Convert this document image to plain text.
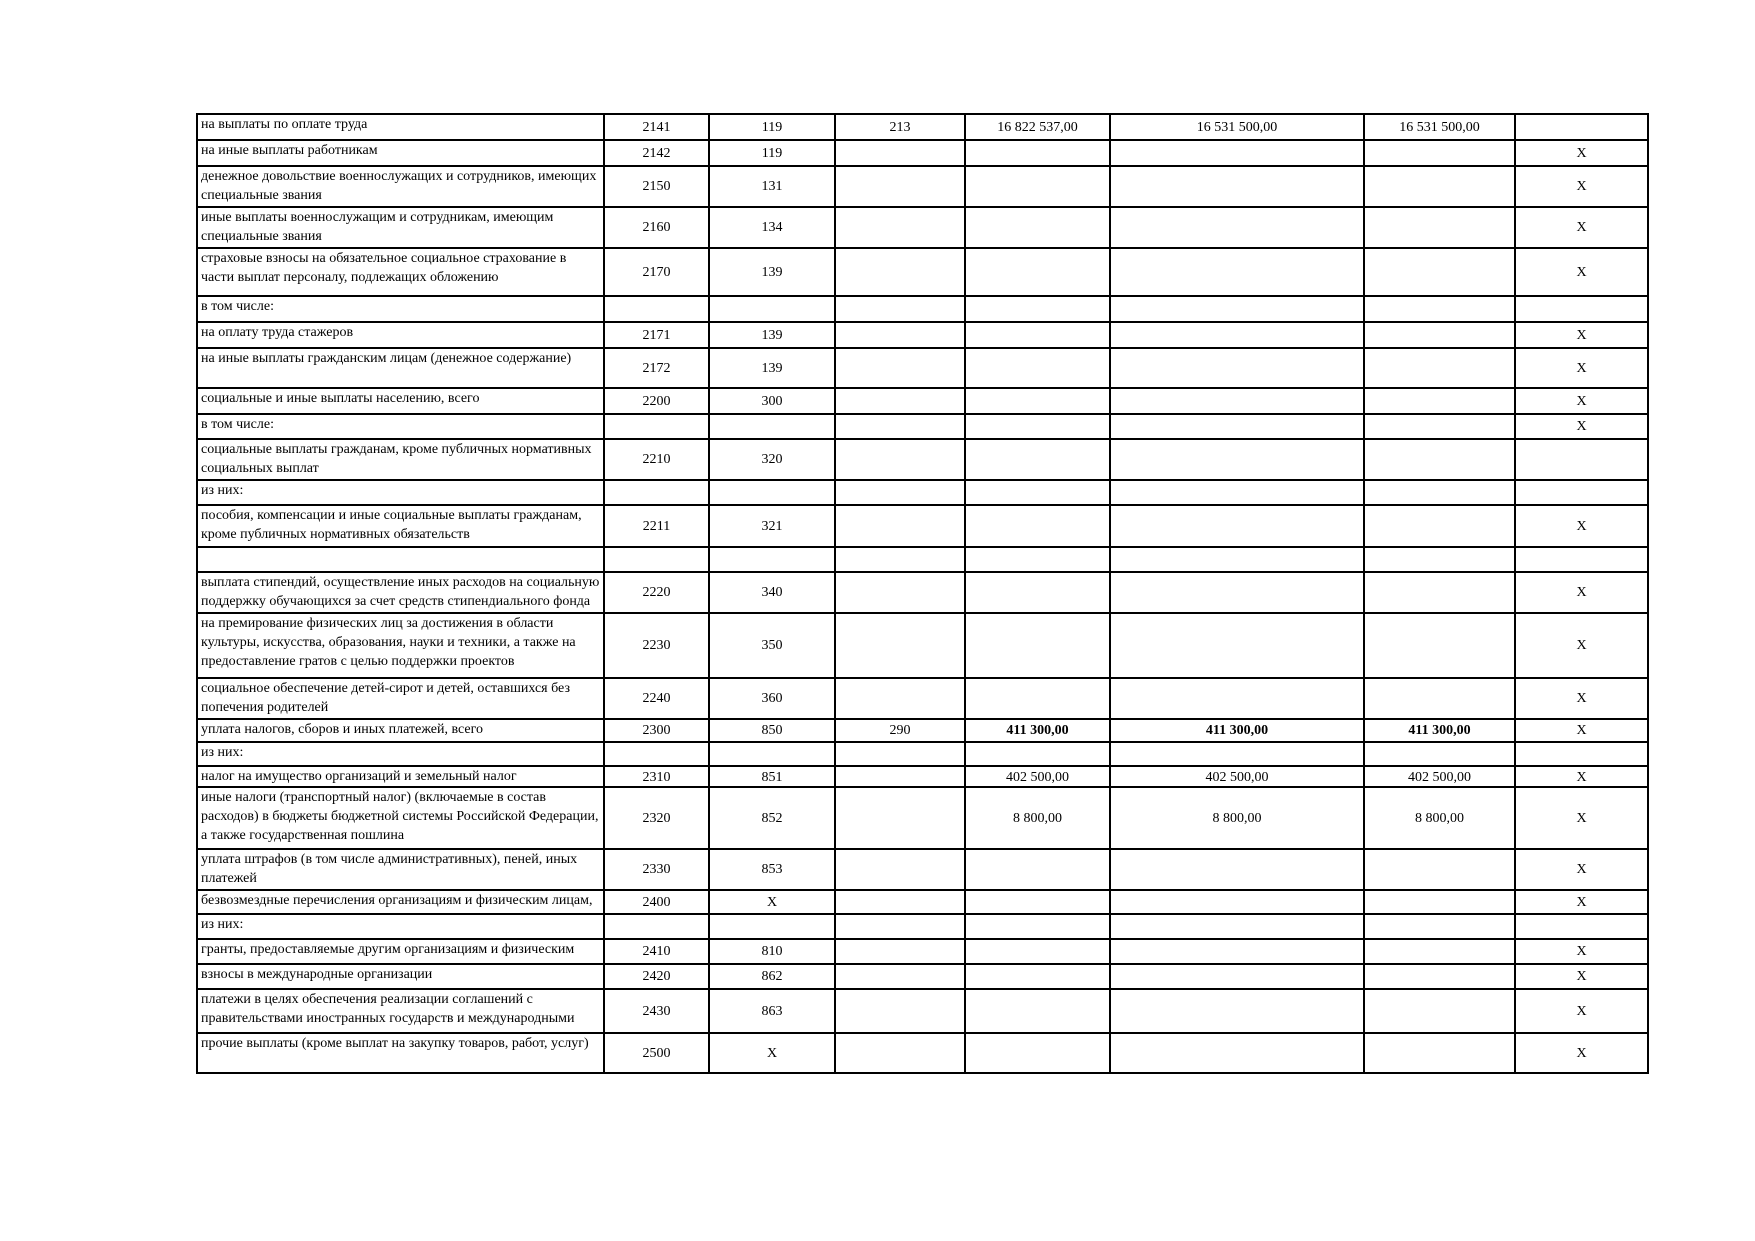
на выплаты по оплате труда	2141	119	213	16 822 537,00	16 531 500,00	16 531 500,00	

на иные выплаты работникам	2142	119					X

денежное довольствие военнослужащих и сотрудников, имеющих специальные звания	2150	131					X

иные выплаты военнослужащим и сотрудникам, имеющим специальные звания	2160	134					X

страховые взносы на обязательное социальное страхование в части выплат персоналу, подлежащих обложению	2170	139					X

в том числе:							

на оплату труда стажеров	2171	139					X

на иные выплаты гражданским лицам (денежное содержание)	2172	139					X

социальные и иные выплаты населению, всего	2200	300					X

в том числе:							X

социальные выплаты гражданам, кроме публичных нормативных социальных выплат	2210	320					

из них:							

пособия, компенсации и иные социальные выплаты гражданам, кроме публичных нормативных обязательств	2211	321					X

выплата стипендий, осуществление иных расходов на социальную поддержку обучающихся за счет средств стипендиального фонда	2220	340					X

на премирование физических лиц за достижения в области культуры, искусства, образования, науки и техники, а также на предоставление гратов с целью поддержки проектов	2230	350					X

социальное обеспечение детей-сирот и детей, оставшихся без попечения родителей	2240	360					X

уплата налогов, сборов и иных платежей, всего	2300	850	290	411 300,00	411 300,00	411 300,00	X

из них:							

налог на имущество организаций и земельный налог	2310	851		402 500,00	402 500,00	402 500,00	X

иные налоги (транспортный налог) (включаемые в состав расходов) в бюджеты бюджетной системы Российской Федерации, а также государственная пошлина	2320	852		8 800,00	8 800,00	8 800,00	X

уплата штрафов (в том числе административных), пеней, иных платежей	2330	853					X

безвозмездные перечисления организациям и физическим лицам,	2400	X					X

из них:							

гранты, предоставляемые другим организациям и физическим	2410	810					X

взносы в международные организации	2420	862					X

платежи в целях обеспечения реализации соглашений с правительствами иностранных государств и международными	2430	863					X

прочие выплаты (кроме выплат на закупку товаров, работ, услуг)	2500	X					X
